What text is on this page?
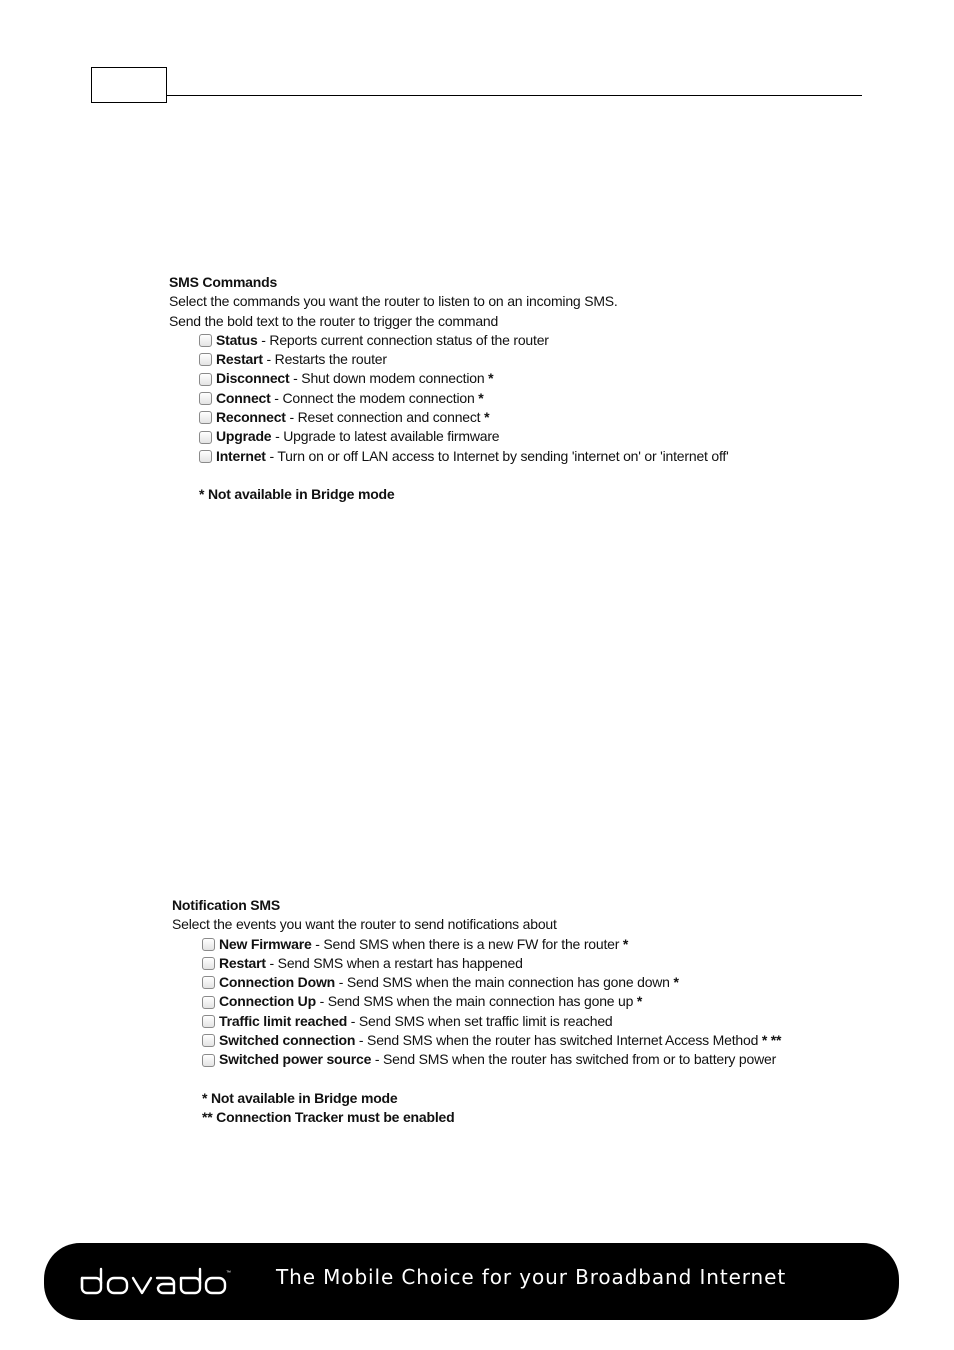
SMS Commands
Select the commands you want the router to listen to on an incoming SMS.
Send the bold text to the router to trigger the command
Status - Reports current connection status of the router
Restart - Restarts the router
Disconnect - Shut down modem connection *
Connect - Connect the modem connection *
Reconnect - Reset connection and connect *
Upgrade - Upgrade to latest available firmware
Internet - Turn on or off LAN access to Internet by sending 'internet on' or 'internet off'
* Not available in Bridge mode
Notification SMS
Select the events you want the router to send notifications about
New Firmware - Send SMS when there is a new FW for the router *
Restart - Send SMS when a restart has happened
Connection Down - Send SMS when the main connection has gone down *
Connection Up - Send SMS when the main connection has gone up *
Traffic limit reached - Send SMS when set traffic limit is reached
Switched connection - Send SMS when the router has switched Internet Access Method * **
Switched power source - Send SMS when the router has switched from or to battery power
* Not available in Bridge mode
** Connection Tracker must be enabled
™ The Mobile Choice for your Broadband Internet
